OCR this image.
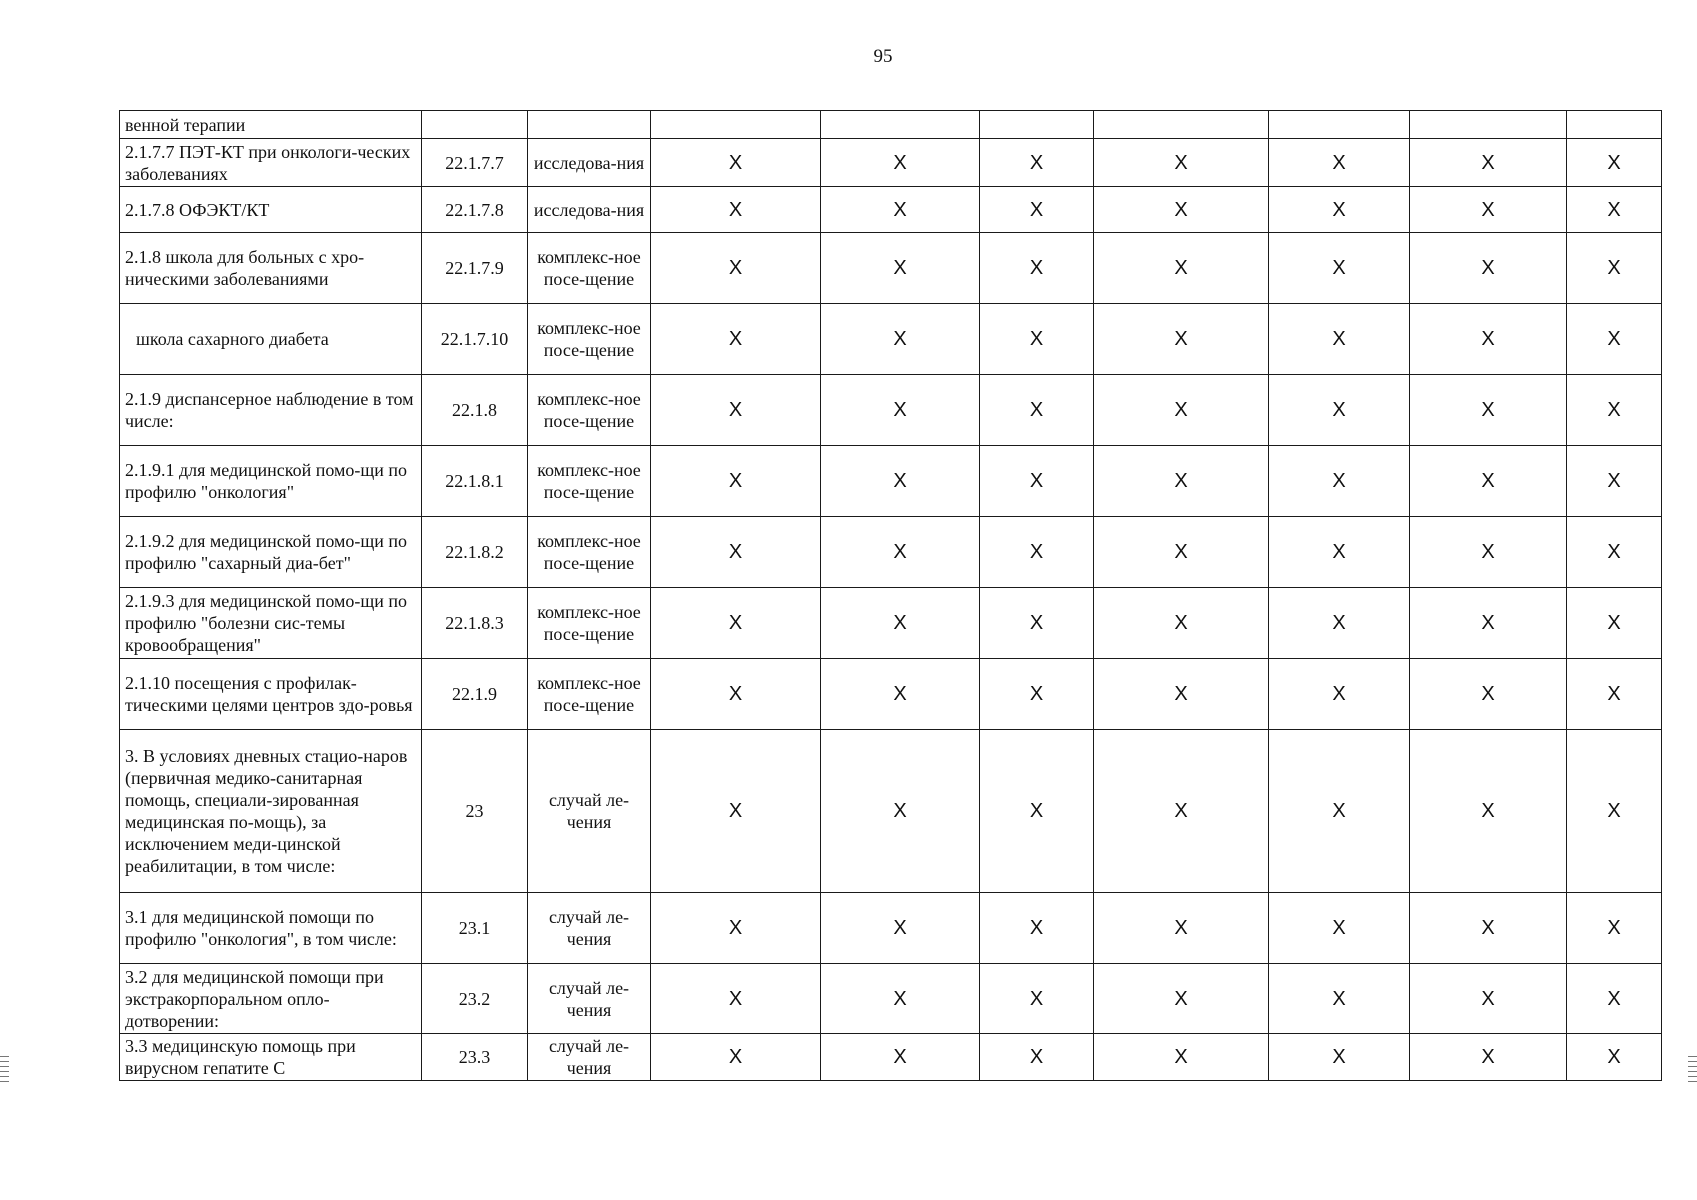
95
венной терапии									
2.1.7.7 ПЭТ-КТ при онкологи-ческих заболеваниях	22.1.7.7	исследова-ния	X	X	X	X	X	X	X
2.1.7.8 ОФЭКТ/КТ	22.1.7.8	исследова-ния	X	X	X	X	X	X	X
2.1.8 школа для больных с хро-ническими заболеваниями	22.1.7.9	комплекс-ное посе-щение	X	X	X	X	X	X	X
школа сахарного диабета	22.1.7.10	комплекс-ное посе-щение	X	X	X	X	X	X	X
2.1.9 диспансерное наблюдение в том числе:	22.1.8	комплекс-ное посе-щение	X	X	X	X	X	X	X
2.1.9.1 для медицинской помо-щи по профилю "онкология"	22.1.8.1	комплекс-ное посе-щение	X	X	X	X	X	X	X
2.1.9.2 для медицинской помо-щи по профилю "сахарный диа-бет"	22.1.8.2	комплекс-ное посе-щение	X	X	X	X	X	X	X
2.1.9.3 для медицинской помо-щи по профилю "болезни сис-темы кровообращения"	22.1.8.3	комплекс-ное посе-щение	X	X	X	X	X	X	X
2.1.10 посещения с профилак-тическими целями центров здо-ровья	22.1.9	комплекс-ное посе-щение	X	X	X	X	X	X	X
3. В условиях дневных стацио-наров (первичная медико-санитарная помощь, специали-зированная медицинская по-мощь), за исключением меди-цинской реабилитации, в том числе:	23	случай ле-чения	X	X	X	X	X	X	X
3.1 для медицинской помощи по профилю "онкология", в том числе:	23.1	случай ле-чения	X	X	X	X	X	X	X
3.2 для медицинской помощи при экстракорпоральном опло-дотворении:	23.2	случай ле-чения	X	X	X	X	X	X	X
3.3 медицинскую помощь при вирусном гепатите С	23.3	случай ле-чения	X	X	X	X	X	X	X
